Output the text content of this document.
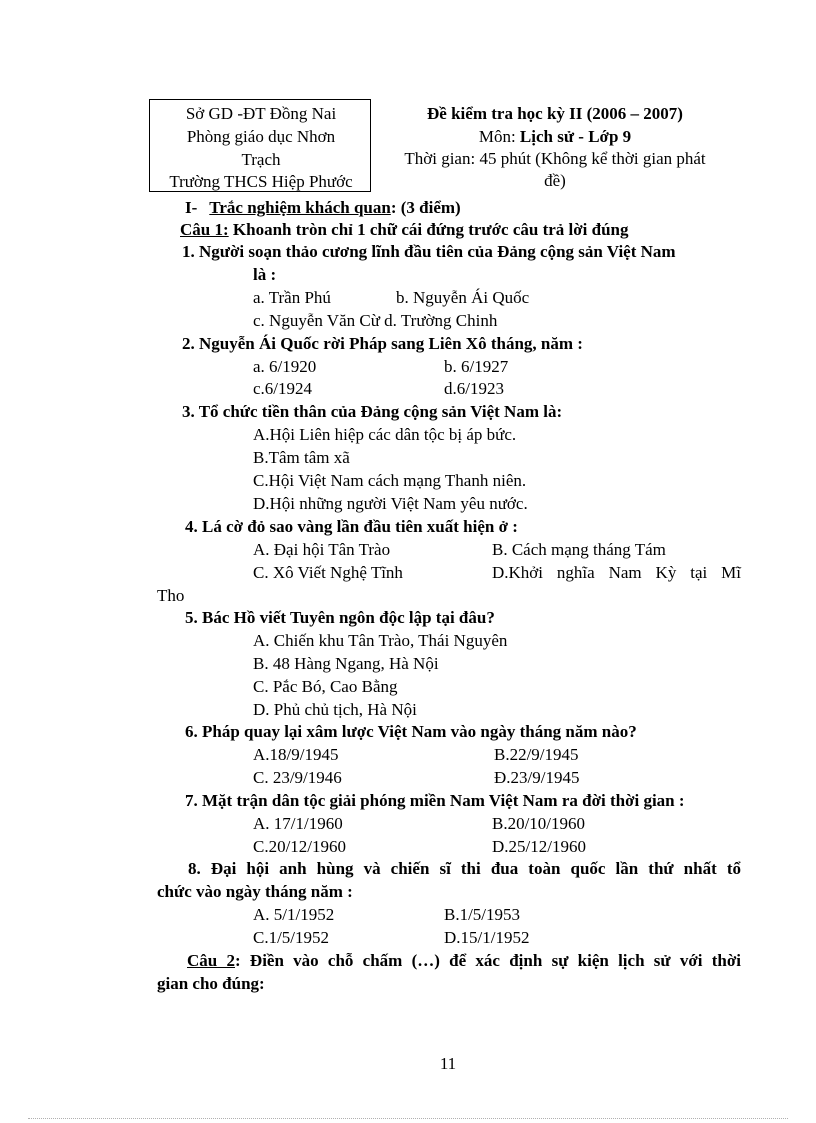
Sở GD -ĐT Đồng Nai
Phòng giáo dục Nhơn
Trạch
Trường THCS Hiệp Phước
Đề kiểm tra học kỳ II (2006 – 2007)
Môn: Lịch sử - Lớp 9
Thời gian: 45 phút (Không kể thời gian phát
đề)
I- Trắc nghiệm khách quan: (3 điểm)
Câu 1: Khoanh tròn chỉ 1 chữ cái đứng trước câu trả lời đúng
1. Người soạn thảo cương lĩnh đầu tiên của Đảng cộng sản Việt Nam
là :
a. Trần Phú	b. Nguyễn Ái Quốc
c. Nguyễn Văn Cừ d. Trường Chinh
2. Nguyễn Ái Quốc rời Pháp sang Liên Xô tháng, năm :
a. 6/1920	b. 6/1927
c.6/1924	d.6/1923
3. Tổ chức tiền thân của Đảng cộng sản Việt Nam là:
A.Hội Liên hiệp các dân tộc bị áp bức.
B.Tâm tâm xã
C.Hội Việt Nam cách mạng Thanh niên.
D.Hội những người Việt Nam yêu nước.
4. Lá cờ đỏ sao vàng lần đầu tiên xuất hiện ở :
A. Đại hội Tân Trào	B. Cách mạng tháng Tám
C. Xô Viết Nghệ Tĩnh	D.Khởi nghĩa Nam Kỳ tại Mĩ
Tho
5. Bác Hồ viết Tuyên ngôn độc lập tại đâu?
A. Chiến khu Tân Trào, Thái Nguyên
B. 48 Hàng Ngang, Hà Nội
C. Pắc Bó, Cao Bằng
D. Phủ chủ tịch, Hà Nội
6. Pháp quay lại xâm lược Việt Nam vào ngày tháng năm nào?
A.18/9/1945	B.22/9/1945
C. 23/9/1946	Đ.23/9/1945
7. Mặt trận dân tộc giải phóng miền Nam Việt Nam ra đời thời gian :
A. 17/1/1960	B.20/10/1960
C.20/12/1960	D.25/12/1960
8. Đại hội anh hùng và chiến sĩ thi đua toàn quốc lần thứ nhất tổ
chức vào ngày tháng năm :
A. 5/1/1952	B.1/5/1953
C.1/5/1952	D.15/1/1952
Câu 2: Điền vào chỗ chấm (…) để xác định sự kiện lịch sử với thời
gian cho đúng:
11
